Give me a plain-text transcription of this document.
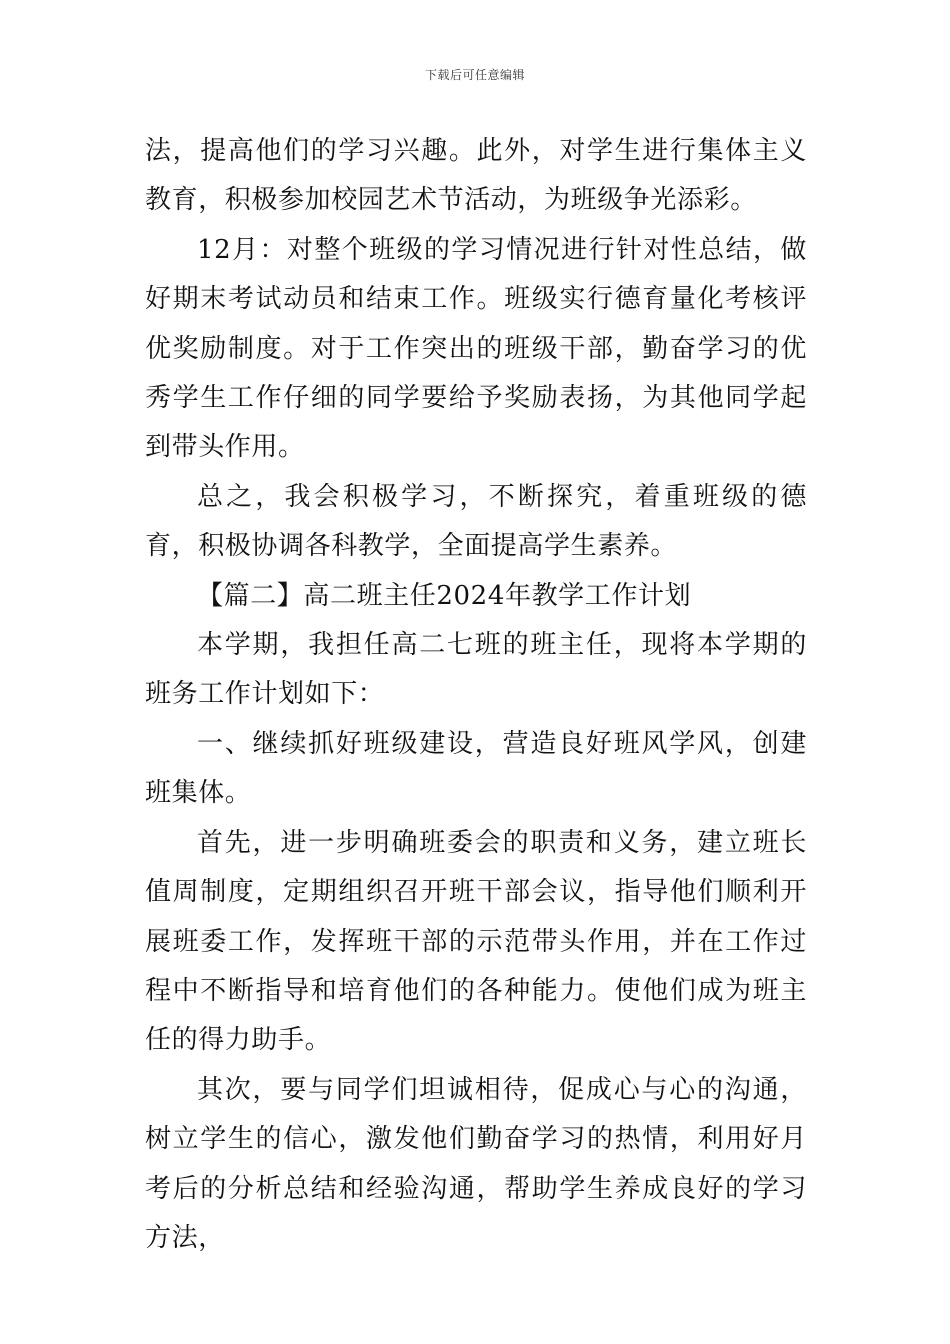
下载后可任意编辑

法，提高他们的学习兴趣。此外，对学生进行集体主义教育，积极参加校园艺术节活动，为班级争光添彩。

12月：对整个班级的学习情况进行针对性总结，做好期末考试动员和结束工作。班级实行德育量化考核评优奖励制度。对于工作突出的班级干部，勤奋学习的优秀学生工作仔细的同学要给予奖励表扬，为其他同学起到带头作用。

总之，我会积极学习，不断探究，着重班级的德育，积极协调各科教学，全面提高学生素养。

【篇二】高二班主任2024年教学工作计划

本学期，我担任高二七班的班主任，现将本学期的班务工作计划如下：

一、继续抓好班级建设，营造良好班风学风，创建班集体。

首先，进一步明确班委会的职责和义务，建立班长值周制度，定期组织召开班干部会议，指导他们顺利开展班委工作，发挥班干部的示范带头作用，并在工作过程中不断指导和培育他们的各种能力。使他们成为班主任的得力助手。

其次，要与同学们坦诚相待，促成心与心的沟通，树立学生的信心，激发他们勤奋学习的热情，利用好月考后的分析总结和经验沟通，帮助学生养成良好的学习方法，
